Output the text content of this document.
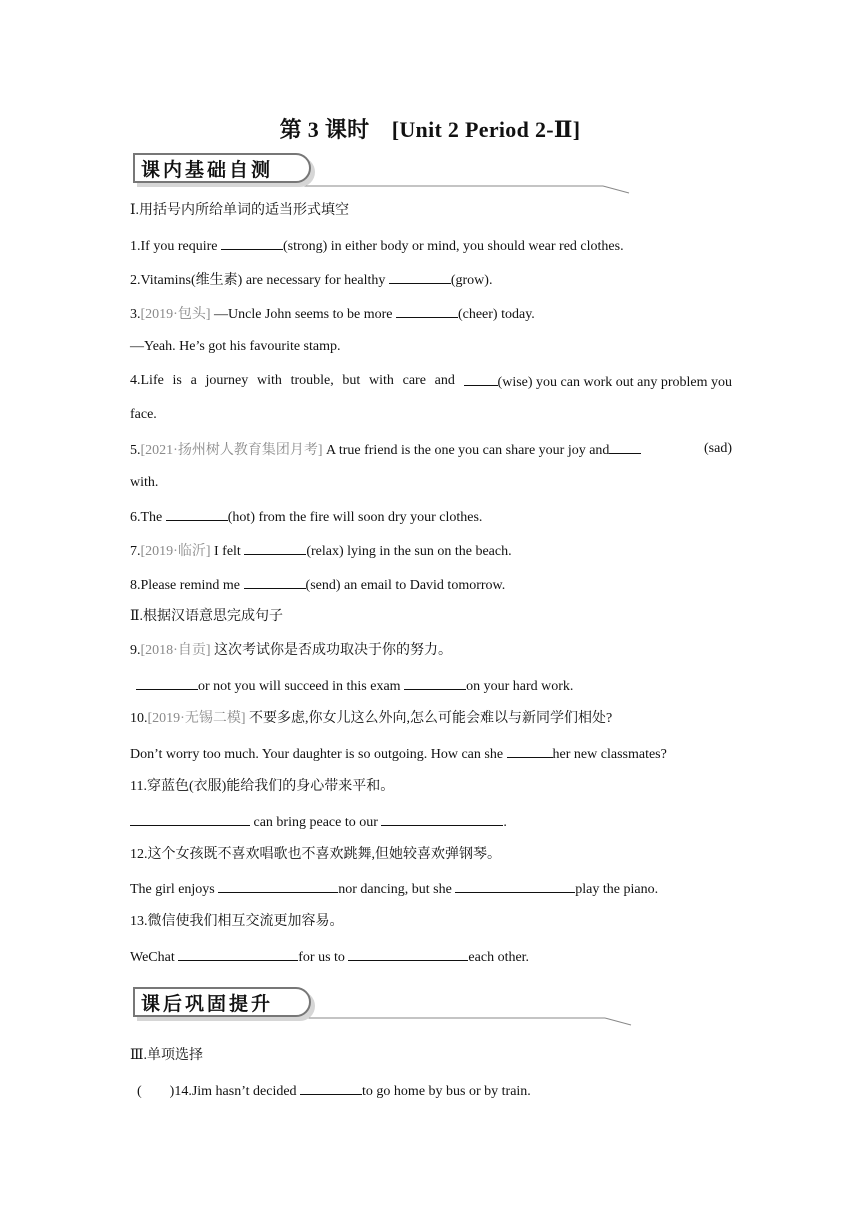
第 3 课时　[Unit 2 Period 2-Ⅱ]
课内基础自测
Ⅰ.用括号内所给单词的适当形式填空
1.If you require	(strong) in either body or mind, you should wear red clothes.
2.Vitamins(维生素) are necessary for healthy	(grow).
3.[2019·包头] —Uncle John seems to be more	(cheer) today.
—Yeah. He’s got his favourite stamp.
4.Life is a journey with trouble, but with care and	(wise) you can work out any problem you
face.
5.[2021·扬州树人教育集团月考] A true friend is the one you can share your joy and	(sad)
with.
6.The	(hot) from the fire will soon dry your clothes.
7.[2019·临沂] I felt	(relax) lying in the sun on the beach.
8.Please remind me	(send) an email to David tomorrow.
Ⅱ.根据汉语意思完成句子
9.[2018·自贡] 这次考试你是否成功取决于你的努力。
or not you will succeed in this exam	on your hard work.
10.[2019·无锡二模] 不要多虑,你女儿这么外向,怎么可能会难以与新同学们相处?
Don’t worry too much. Your daughter is so outgoing. How can she	her new classmates?
11.穿蓝色(衣服)能给我们的身心带来平和。
can bring peace to our	.
12.这个女孩既不喜欢唱歌也不喜欢跳舞,但她较喜欢弹钢琴。
The girl enjoys	nor dancing, but she	play the piano.
13.微信使我们相互交流更加容易。
WeChat	for us to	each other.
课后巩固提升
Ⅲ.单项选择
(　　)14.Jim hasn’t decided	to go home by bus or by train.
